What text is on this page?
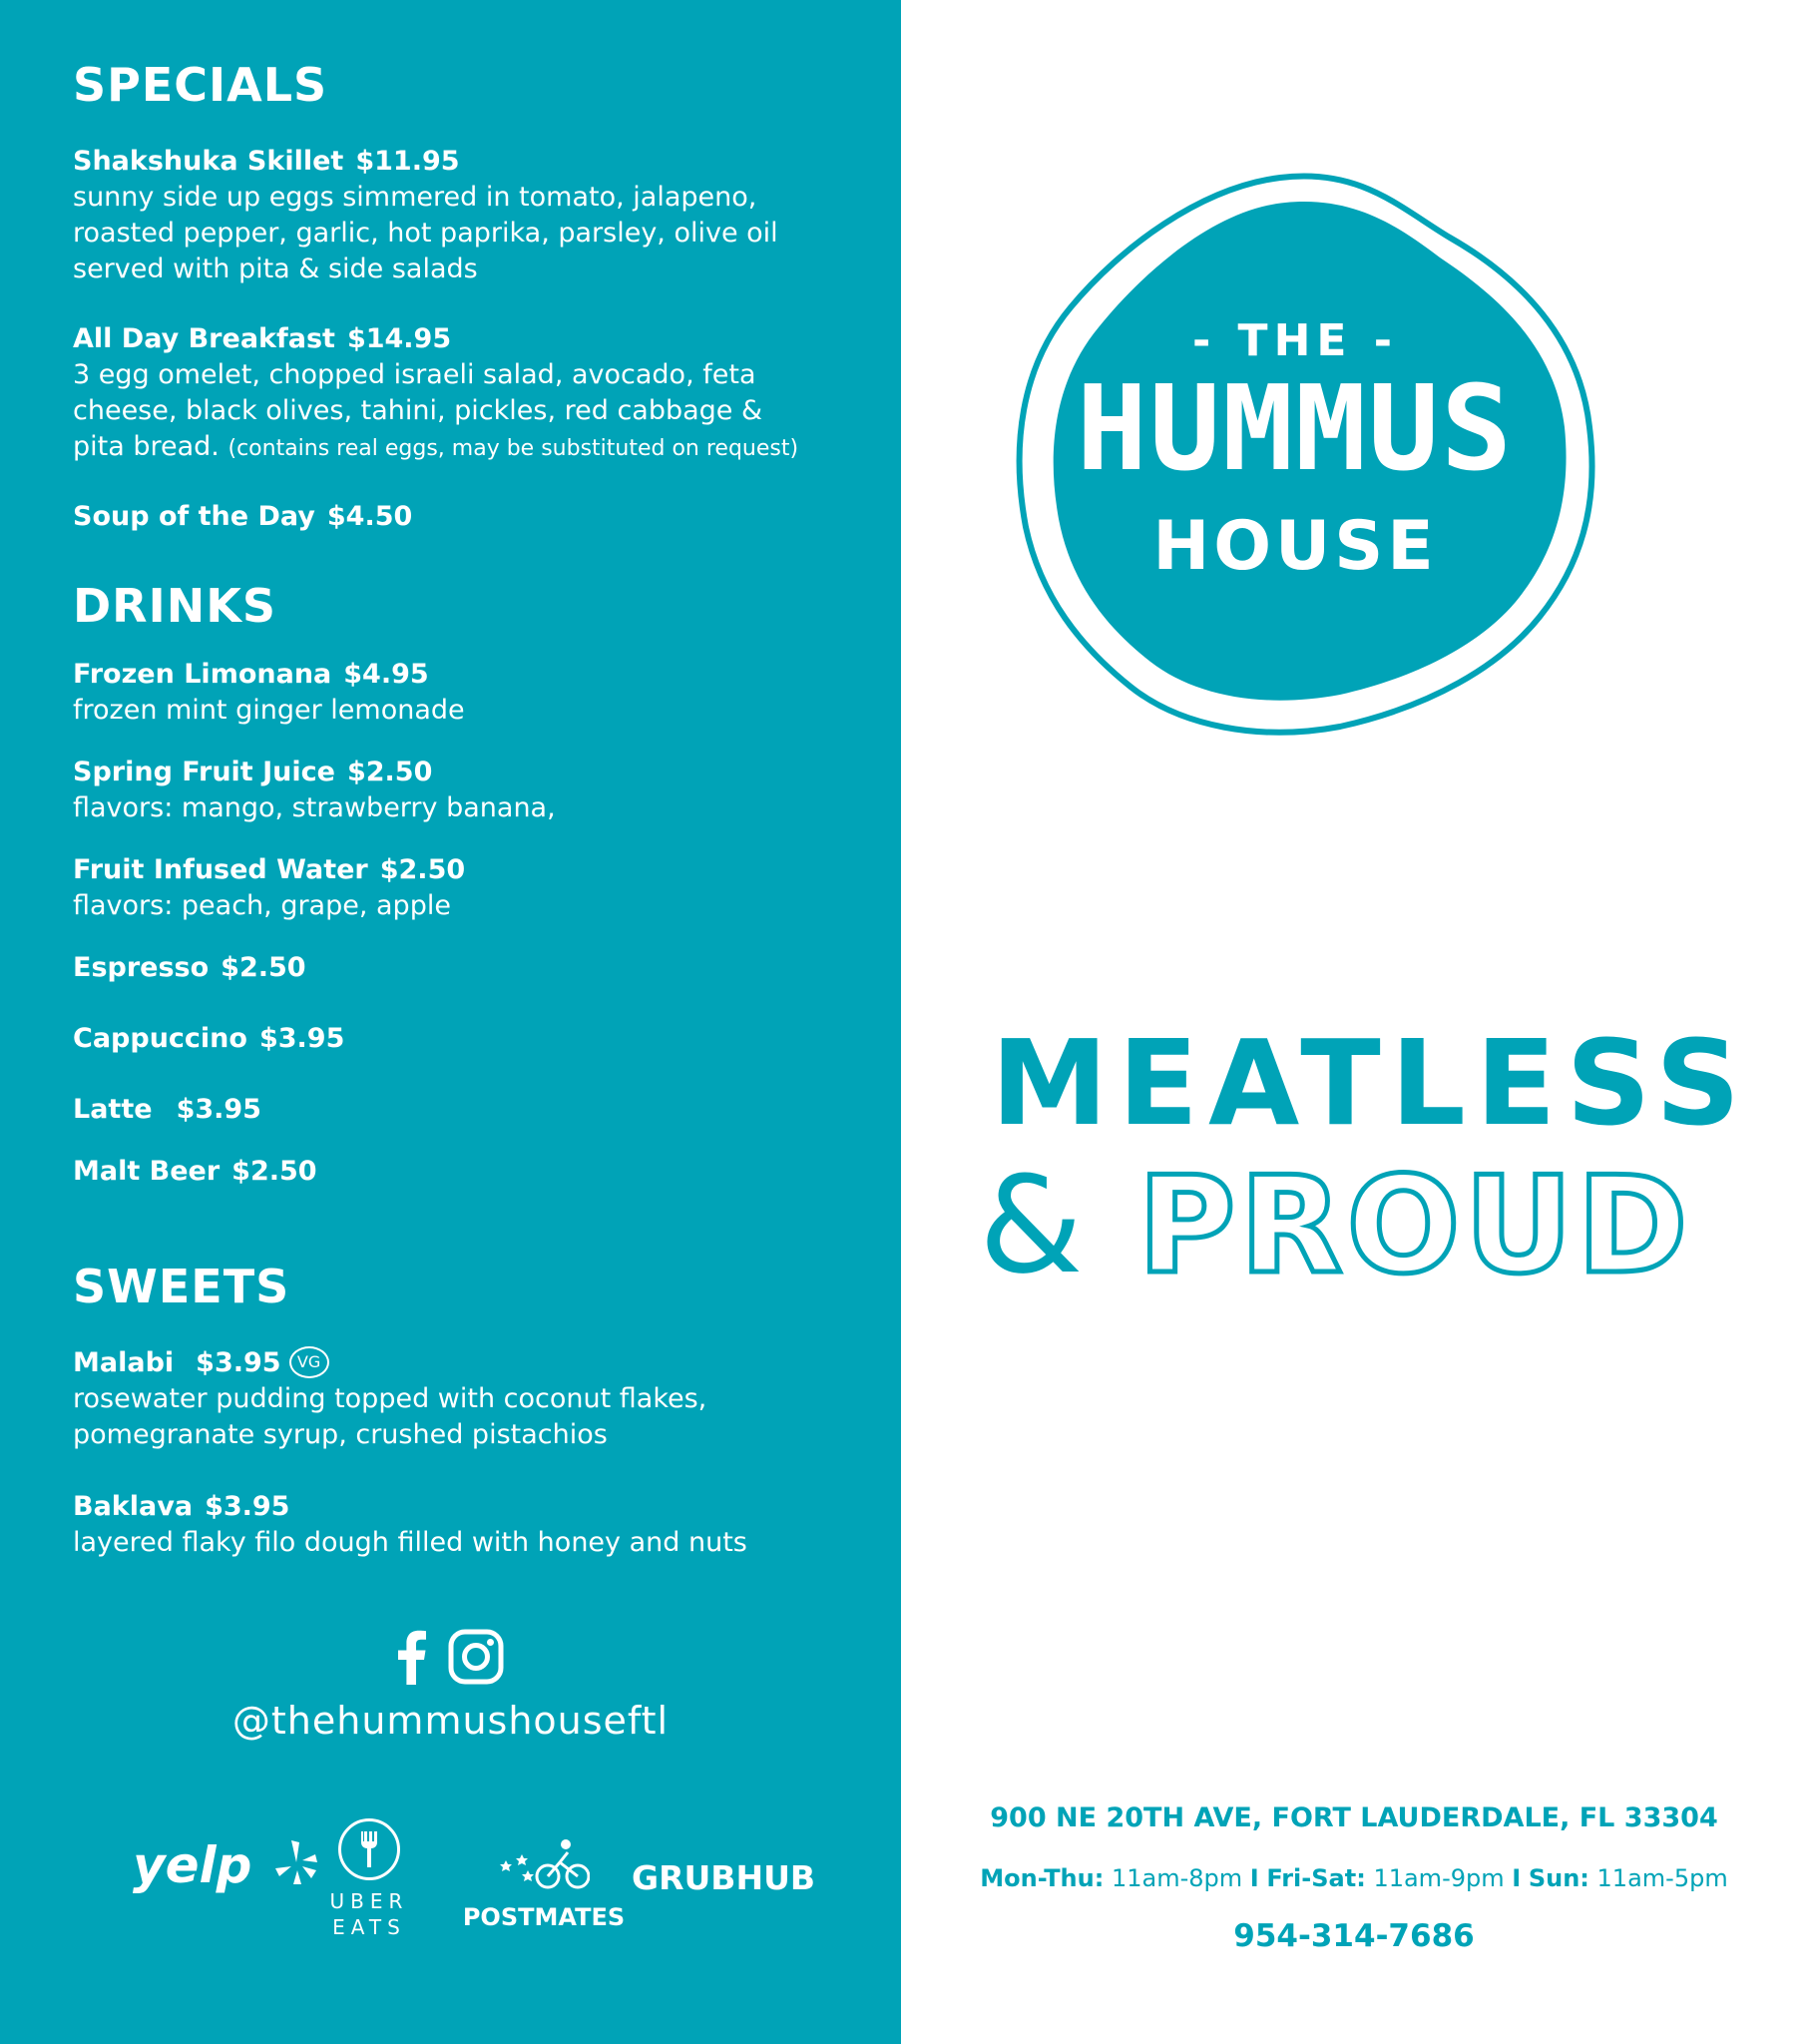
SPECIALS
Shakshuka Skillet $11.95
sunny side up eggs simmered in tomato, jalapeno,
roasted pepper, garlic, hot paprika, parsley, olive oil
served with pita & side salads
All Day Breakfast $14.95
3 egg omelet, chopped israeli salad, avocado, feta
cheese, black olives, tahini, pickles, red cabbage &
pita bread. (contains real eggs, may be substituted on request)
Soup of the Day $4.50
DRINKS
Frozen Limonana $4.95
frozen mint ginger lemonade
Spring Fruit Juice $2.50
flavors: mango, strawberry banana,
Fruit Infused Water $2.50
flavors: peach, grape, apple
Espresso $2.50
Cappuccino $3.95
Latte $3.95
Malt Beer $2.50
SWEETS
Malabi $3.95 VG
rosewater pudding topped with coconut flakes,
pomegranate syrup, crushed pistachios
Baklava $3.95
layered flaky filo dough filled with honey and nuts
@thehummushouseftl
yelp
UBER
EATS	POSTMATES
GRUBHUB
- THE -
HUMMUS
HOUSE
MEATLESS
& PROUD
900 NE 20TH AVE, FORT LAUDERDALE, FL 33304
Mon-Thu: 11am-8pm I Fri-Sat: 11am-9pm I Sun: 11am-5pm
954-314-7686
